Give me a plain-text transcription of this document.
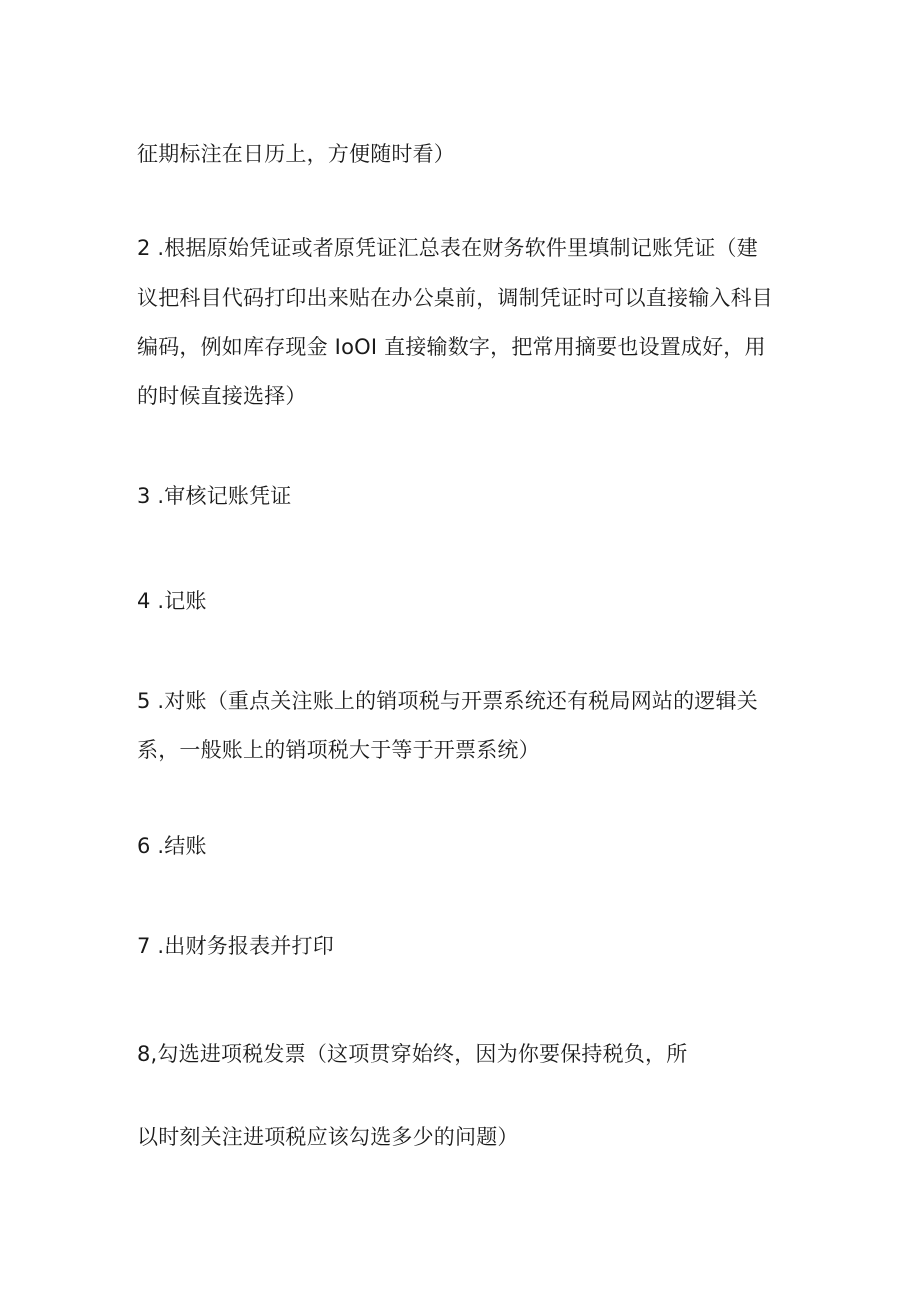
征期标注在日历上，方便随时看）
2 .根据原始凭证或者原凭证汇总表在财务软件里填制记账凭证（建
议把科目代码打印出来贴在办公桌前，调制凭证时可以直接输入科目
编码，例如库存现金 IoOI 直接输数字，把常用摘要也设置成好，用
的时候直接选择）
3 .审核记账凭证
4 .记账
5 .对账（重点关注账上的销项税与开票系统还有税局网站的逻辑关
系，一般账上的销项税大于等于开票系统）
6 .结账
7 .出财务报表并打印
8,勾选进项税发票（这项贯穿始终，因为你要保持税负，所
以时刻关注进项税应该勾选多少的问题）
